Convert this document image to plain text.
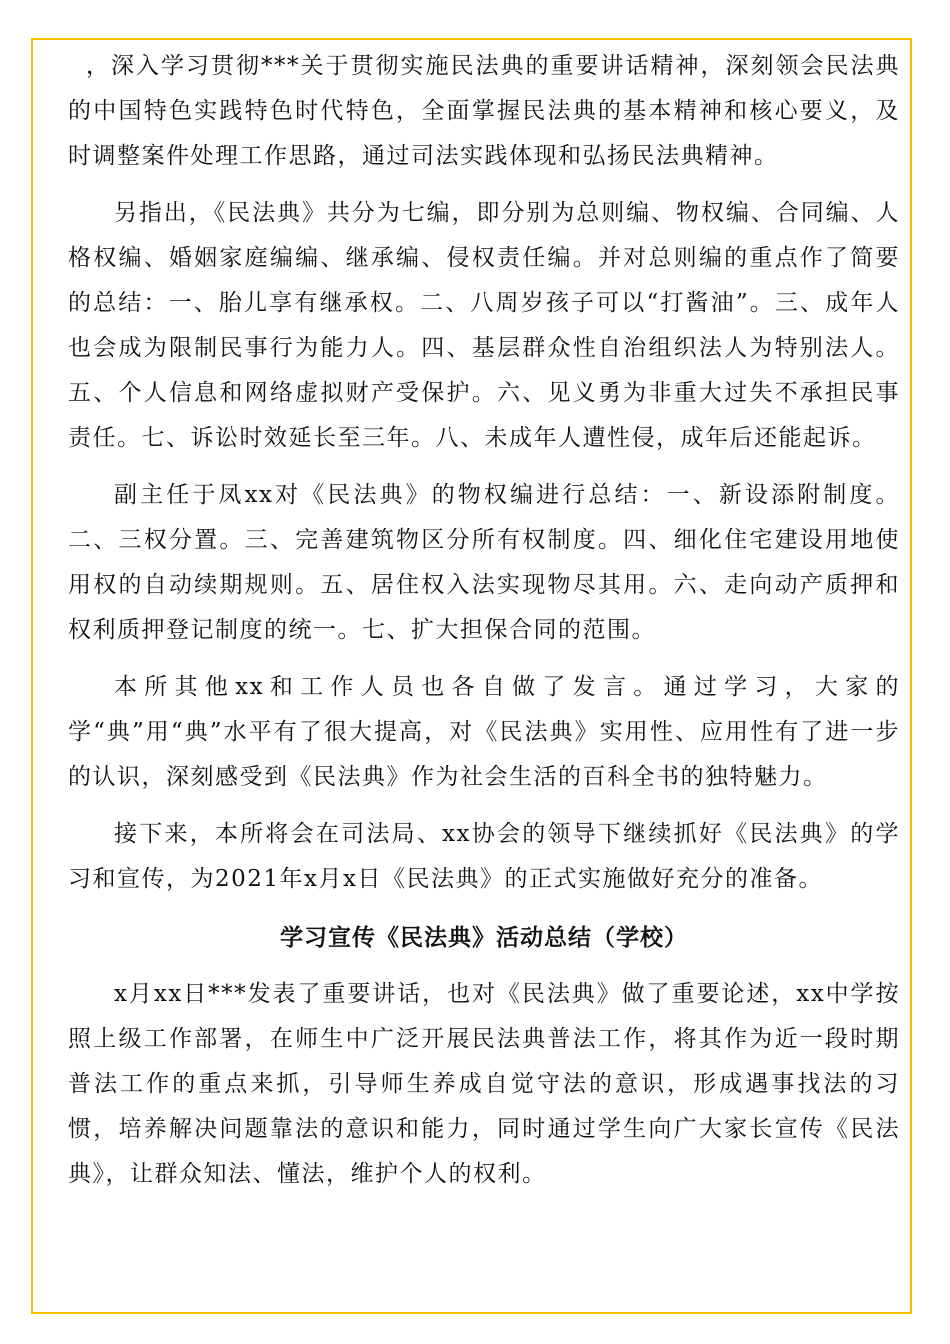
，深入学习贯彻***关于贯彻实施民法典的重要讲话精神，深刻领会民法典的中国特色实践特色时代特色，全面掌握民法典的基本精神和核心要义，及时调整案件处理工作思路，通过司法实践体现和弘扬民法典精神。

另指出，《民法典》共分为七编，即分别为总则编、物权编、合同编、人格权编、婚姻家庭编编、继承编、侵权责任编。并对总则编的重点作了简要的总结：一、胎儿享有继承权。二、八周岁孩子可以“打酱油”。三、成年人也会成为限制民事行为能力人。四、基层群众性自治组织法人为特别法人。五、个人信息和网络虚拟财产受保护。六、见义勇为非重大过失不承担民事责任。七、诉讼时效延长至三年。八、未成年人遭性侵，成年后还能起诉。

副主任于凤xx对《民法典》的物权编进行总结：一、新设添附制度。二、三权分置。三、完善建筑物区分所有权制度。四、细化住宅建设用地使用权的自动续期规则。五、居住权入法实现物尽其用。六、走向动产质押和权利质押登记制度的统一。七、扩大担保合同的范围。

本所其他xx和工作人员也各自做了发言。通过学习，大家的学“典”用“典”水平有了很大提高，对《民法典》实用性、应用性有了进一步的认识，深刻感受到《民法典》作为社会生活的百科全书的独特魅力。

接下来，本所将会在司法局、xx协会的领导下继续抓好《民法典》的学习和宣传，为2021年x月x日《民法典》的正式实施做好充分的准备。

学习宣传《民法典》活动总结（学校）

x月xx日***发表了重要讲话，也对《民法典》做了重要论述，xx中学按照上级工作部署，在师生中广泛开展民法典普法工作，将其作为近一段时期普法工作的重点来抓，引导师生养成自觉守法的意识，形成遇事找法的习惯，培养解决问题靠法的意识和能力，同时通过学生向广大家长宣传《民法典》，让群众知法、懂法，维护个人的权利。
